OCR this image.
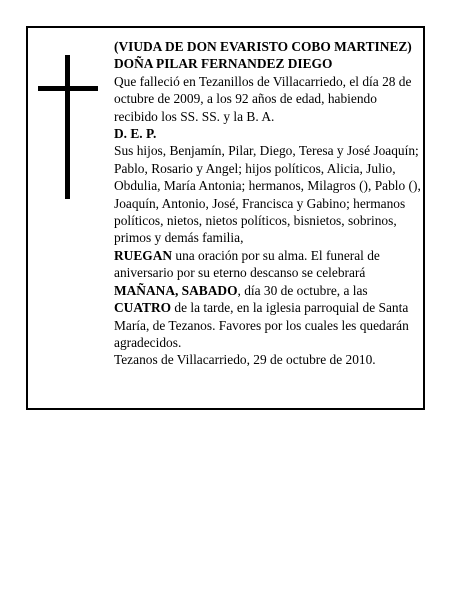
(VIUDA DE DON EVARISTO COBO MARTINEZ)

DOÑA PILAR FERNANDEZ DIEGO

Que falleció en Tezanillos de Villacarriedo, el día 28 de octubre de 2009, a los 92 años de edad, habiendo recibido los SS. SS. y la B. A.

D. E. P.

Sus hijos, Benjamín, Pilar, Diego, Teresa y José Joaquín; Pablo, Rosario y Angel; hijos políticos, Alicia, Julio, Obdulia, María Antonia; hermanos, Milagros (), Pablo (), Joaquín, Antonio, José, Francisca y Gabino; hermanos políticos, nietos, nietos políticos, bisnietos, sobrinos, primos y demás familia,

RUEGAN una oración por su alma. El funeral de aniversario por su eterno descanso se celebrará MAÑANA, SABADO, día 30 de octubre, a las CUATRO de la tarde, en la iglesia parroquial de Santa María, de Tezanos. Favores por los cuales les quedarán agradecidos.

Tezanos de Villacarriedo, 29 de octubre de 2010.
